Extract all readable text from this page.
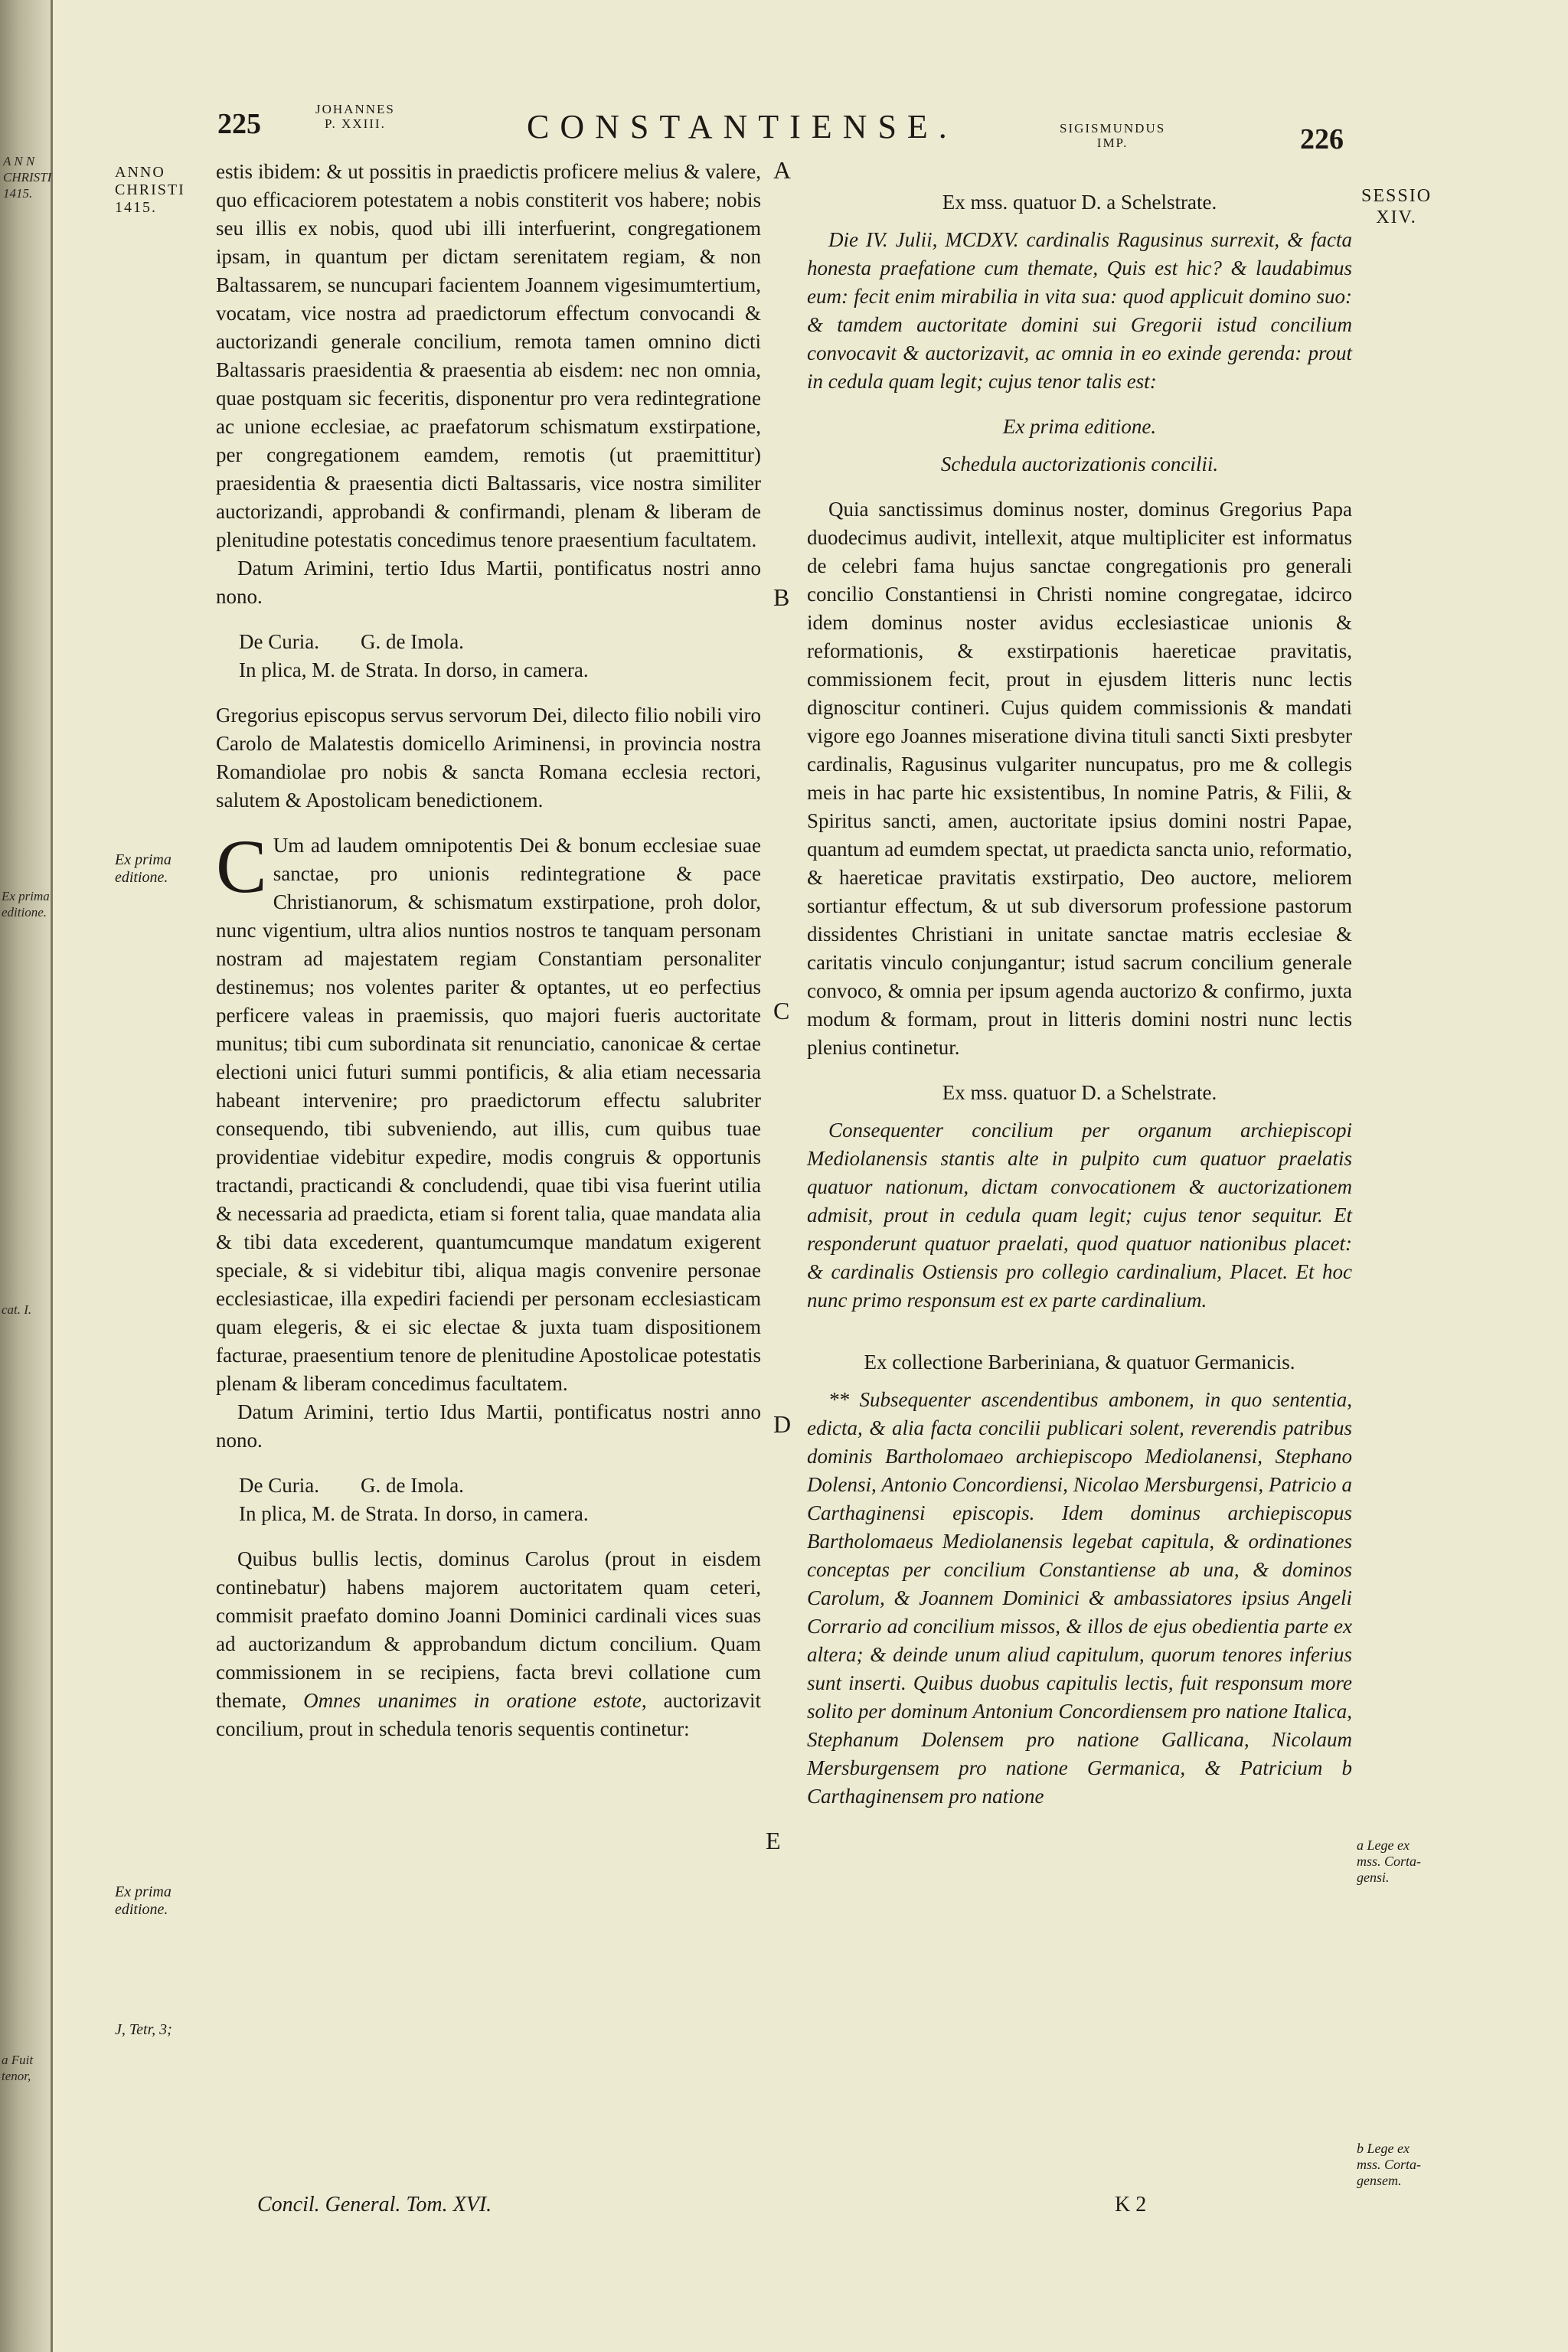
A N N
CHRISTI
1415.
Ex prima
editione.
cat. I.
a Fuit
tenor,
225	JOHANNES
P. XXIII.	CONSTANTIENSE.	SIGISMUNDUS
IMP.	226
ANNO
CHRISTI
1415.
Ex prima
editione.
Ex prima
editione.
J, Tetr, 3;
A
B
C
D
E

estis ibidem: & ut possitis in praedictis proficere melius & valere, quo efficaciorem potestatem a nobis constiterit vos habere; nobis seu illis ex nobis, quod ubi illi interfuerint, congregationem ipsam, in quantum per dictam serenitatem regiam, & non Baltassarem, se nuncupari facientem Joannem vigesimumtertium, vocatam, vice nostra ad praedictorum effectum convocandi & auctorizandi generale concilium, remota tamen omnino dicti Baltassaris praesidentia & praesentia ab eisdem: nec non omnia, quae postquam sic feceritis, disponentur pro vera redintegratione ac unione ecclesiae, ac praefatorum schismatum exstirpatione, per congregationem eamdem, remotis (ut praemittitur) praesidentia & praesentia dicti Baltassaris, vice nostra similiter auctorizandi, approbandi & confirmandi, plenam & liberam de plenitudine potestatis concedimus tenore praesentium facultatem.

Datum Arimini, tertio Idus Martii, pontificatus nostri anno nono.

De Curia.        G. de Imola.

In plica, M. de Strata. In dorso, in camera.

Gregorius episcopus servus servorum Dei, dilecto filio nobili viro Carolo de Malatestis domicello Ariminensi, in provincia nostra Romandiolae pro nobis & sancta Romana ecclesia rectori, salutem & Apostolicam benedictionem.

C Um ad laudem omnipotentis Dei & bonum ecclesiae suae sanctae, pro unionis redintegratione & pace Christianorum, & schismatum exstirpatione, proh dolor, nunc vigentium, ultra alios nuntios nostros te tanquam personam nostram ad majestatem regiam Constantiam personaliter destinemus; nos volentes pariter & optantes, ut eo perfectius perficere valeas in praemissis, quo majori fueris auctoritate munitus; tibi cum subordinata sit renunciatio, canonicae & certae electioni unici futuri summi pontificis, & alia etiam necessaria habeant intervenire; pro praedictorum effectu salubriter consequendo, tibi subveniendo, aut illis, cum quibus tuae providentiae videbitur expedire, modis congruis & opportunis tractandi, practicandi & concludendi, quae tibi visa fuerint utilia & necessaria ad praedicta, etiam si forent talia, quae mandata alia & tibi data excederent, quantumcumque mandatum exigerent speciale, & si videbitur tibi, aliqua magis convenire personae ecclesiasticae, illa expediri faciendi per personam ecclesiasticam quam elegeris, & ei sic electae & juxta tuam dispositionem facturae, praesentium tenore de plenitudine Apostolicae potestatis plenam & liberam concedimus facultatem.

Datum Arimini, tertio Idus Martii, pontificatus nostri anno nono.

De Curia.        G. de Imola.

In plica, M. de Strata. In dorso, in camera.

Quibus bullis lectis, dominus Carolus (prout in eisdem continebatur) habens majorem auctoritatem quam ceteri, commisit praefato domino Joanni Dominici cardinali vices suas ad auctorizandum & approbandum dictum concilium. Quam commissionem in se recipiens, facta brevi collatione cum themate, Omnes unanimes in oratione estote, auctorizavit concilium, prout in schedula tenoris sequentis continetur:

Concil. General. Tom. XVI.

Ex mss. quatuor D. a Schelstrate.

Die IV. Julii, MCDXV. cardinalis Ragusinus surrexit, & facta honesta praefatione cum themate, Quis est hic? & laudabimus eum: fecit enim mirabilia in vita sua: quod applicuit domino suo: & tamdem auctoritate domini sui Gregorii istud concilium convocavit & auctorizavit, ac omnia in eo exinde gerenda: prout in cedula quam legit; cujus tenor talis est:

Ex prima editione.

Schedula auctorizationis concilii.

Quia sanctissimus dominus noster, dominus Gregorius Papa duodecimus audivit, intellexit, atque multipliciter est informatus de celebri fama hujus sanctae congregationis pro generali concilio Constantiensi in Christi nomine congregatae, idcirco idem dominus noster avidus ecclesiasticae unionis & reformationis, & exstirpationis haereticae pravitatis, commissionem fecit, prout in ejusdem litteris nunc lectis dignoscitur contineri. Cujus quidem commissionis & mandati vigore ego Joannes miseratione divina tituli sancti Sixti presbyter cardinalis, Ragusinus vulgariter nuncupatus, pro me & collegis meis in hac parte hic exsistentibus, In nomine Patris, & Filii, & Spiritus sancti, amen, auctoritate ipsius domini nostri Papae, quantum ad eumdem spectat, ut praedicta sancta unio, reformatio, & haereticae pravitatis exstirpatio, Deo auctore, meliorem sortiantur effectum, & ut sub diversorum professione pastorum dissidentes Christiani in unitate sanctae matris ecclesiae & caritatis vinculo conjungantur; istud sacrum concilium generale convoco, & omnia per ipsum agenda auctorizo & confirmo, juxta modum & formam, prout in litteris domini nostri nunc lectis plenius continetur.

Ex mss. quatuor D. a Schelstrate.

Consequenter concilium per organum archiepiscopi Mediolanensis stantis alte in pulpito cum quatuor praelatis quatuor nationum, dictam convocationem & auctorizationem admisit, prout in cedula quam legit; cujus tenor sequitur. Et responderunt quatuor praelati, quod quatuor nationibus placet: & cardinalis Ostiensis pro collegio cardinalium, Placet. Et hoc nunc primo responsum est ex parte cardinalium.

Ex collectione Barberiniana, & quatuor Germanicis.

** Subsequenter ascendentibus ambonem, in quo sententia, edicta, & alia facta concilii publicari solent, reverendis patribus dominis Bartholomaeo archiepiscopo Mediolanensi, Stephano Dolensi, Antonio Concordiensi, Nicolao Mersburgensi, Patricio a Carthaginensi episcopis. Idem dominus archiepiscopus Bartholomaeus Mediolanensis legebat capitula, & ordinationes conceptas per concilium Constantiense ab una, & dominos Carolum, & Joannem Dominici & ambassiatores ipsius Angeli Corrario ad concilium missos, & illos de ejus obedientia parte ex altera; & deinde unum aliud capitulum, quorum tenores inferius sunt inserti. Quibus duobus capitulis lectis, fuit responsum more solito per dominum Antonium Concordiensem pro natione Italica, Stephanum Dolensem pro natione Gallicana, Nicolaum Mersburgensem pro natione Germanica, & Patricium b Carthaginensem pro natione

K 2
SESSIO
XIV.
a Lege ex
mss. Corta-
gensi.
b Lege ex
mss. Corta-
gensem.
